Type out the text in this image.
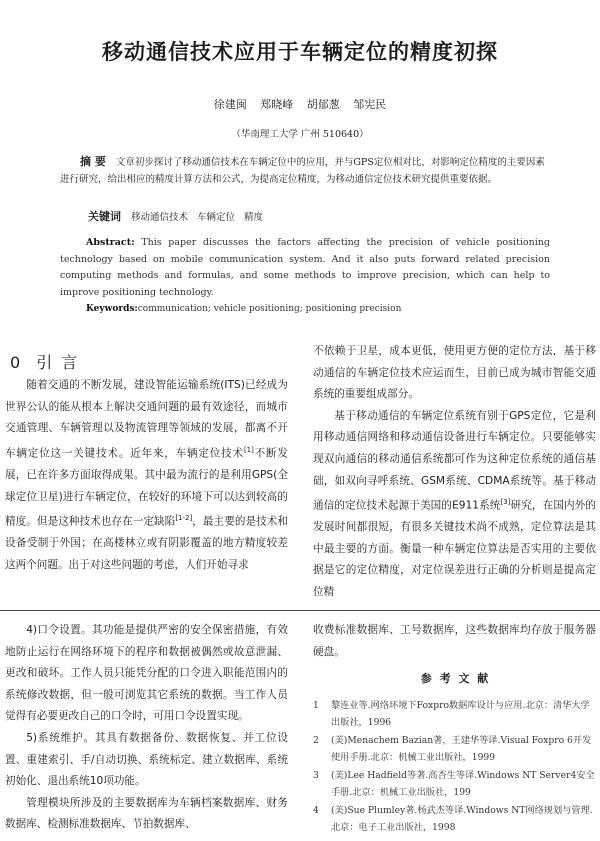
移动通信技术应用于车辆定位的精度初探
徐建闽 郑晓峰 胡郁葱 邹宪民
（华南理工大学 广州 510640）
摘 要 文章初步探讨了移动通信技术在车辆定位中的应用，并与GPS定位相对比，对影响定位精度的主要因素进行研究，给出相应的精度计算方法和公式，为提高定位精度，为移动通信定位技术研究提供重要依据。
关键词 移动通信技术 车辆定位 精度
Abstract: This paper discusses the factors affecting the precision of vehicle positioning technology based on mobile communication system. And it also puts forward related precision computing methods and formulas, and some methods to improve precision, which can help to improve positioning technology.
Keywords:communication; vehicle positioning; positioning precision
0 引 言

随着交通的不断发展，建设智能运输系统(ITS)已经成为世界公认的能从根本上解决交通问题的最有效途径，而城市交通管理、车辆管理以及物流管理等领域的发展，都离不开车辆定位这一关键技术。近年来，车辆定位技术[1]不断发展，已在许多方面取得成果。其中最为流行的是利用GPS(全球定位卫星)进行车辆定位，在较好的环境下可以达到较高的精度。但是这种技术也存在一定缺陷[1-2]，最主要的是技术和设备受制于外国；在高楼林立或有阴影覆盖的地方精度较差这两个问题。出于对这些问题的考虑，人们开始寻求

不依赖于卫星，成本更低，使用更方便的定位方法，基于移动通信的车辆定位技术应运而生，目前已成为城市智能交通系统的重要组成部分。

基于移动通信的车辆定位系统有别于GPS定位，它是利用移动通信网络和移动通信设备进行车辆定位。只要能够实现双向通信的移动通信系统都可作为这种定位系统的通信基础，如双向寻呼系统、GSM系统、CDMA系统等。基于移动通信的定位技术起源于美国的E911系统[3]研究，在国内外的发展时间都很短，有很多关键技术尚不成熟，定位算法是其中最主要的方面。衡量一种车辆定位算法是否实用的主要依据是它的定位精度，对定位误差进行正确的分析则是提高定位精

4)口令设置。其功能是提供严密的安全保密措施，有效地防止运行在网络环境下的程序和数据被偶然或故意泄漏、更改和破坏。工作人员只能凭分配的口令进入职能范围内的系统修改数据，但一般可浏览其它系统的数据。当工作人员觉得有必要更改自己的口令时，可用口令设置实现。

5)系统维护。其具有数据备份、数据恢复、并工位设置、重建索引、手/自动切换、系统标定、建立数据库、系统初始化、退出系统10项功能。

管理模块所涉及的主要数据库为车辆档案数据库、财务数据库、检测标准数据库、节拍数据库、

收费标准数据库、工号数据库，这些数据库均存放于服务器硬盘。

参 考 文 献
1	黎连业等.网络环境下Foxpro数据库设计与应用.北京：清华大学出版社，1996
2	(美)Menachem Bazian著，王建华等译.Visual Foxpro 6开发使用手册.北京：机械工业出版社，1999
3	(美)Lee Hadfield等著.高杏生等译.Windows NT Server4安全手册.北京：机械工业出版社，199
4	(美)Sue Plumley著.杨武杰等译.Windows NT网络规划与管理.北京：电子工业出版社，1998
